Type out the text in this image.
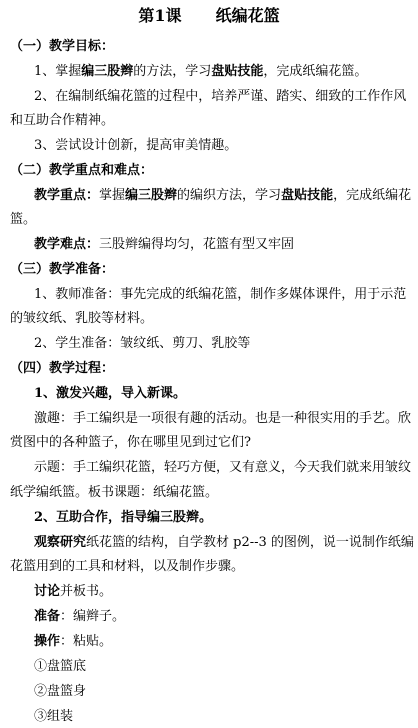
第1课 纸编花篮
（一）教学目标：
1、掌握编三股辫的方法，学习盘贴技能，完成纸编花篮。
2、在编制纸编花篮的过程中，培养严谨、踏实、细致的工作作风
和互助合作精神。
3、尝试设计创新，提高审美情趣。
（二）教学重点和难点：
教学重点：掌握编三股辫的编织方法，学习盘贴技能，完成纸编花
篮。
教学难点：三股辫编得均匀，花篮有型又牢固
（三）教学准备：
1、教师准备：事先完成的纸编花篮，制作多媒体课件，用于示范
的皱纹纸、乳胶等材料。
2、学生准备：皱纹纸、剪刀、乳胶等
（四）教学过程：
1、激发兴趣，导入新课。
激趣：手工编织是一项很有趣的活动。也是一种很实用的手艺。欣
赏图中的各种篮子，你在哪里见到过它们?
示题：手工编织花篮，轻巧方便，又有意义，今天我们就来用皱纹
纸学编纸篮。板书课题：纸编花篮。
2、互助合作，指导编三股辫。
观察研究纸花篮的结构，自学教材 p2--3 的图例，说一说制作纸编
花篮用到的工具和材料，以及制作步骤。
讨论并板书。
准备：编辫子。
操作：粘贴。
①盘篮底
②盘篮身
③组装
